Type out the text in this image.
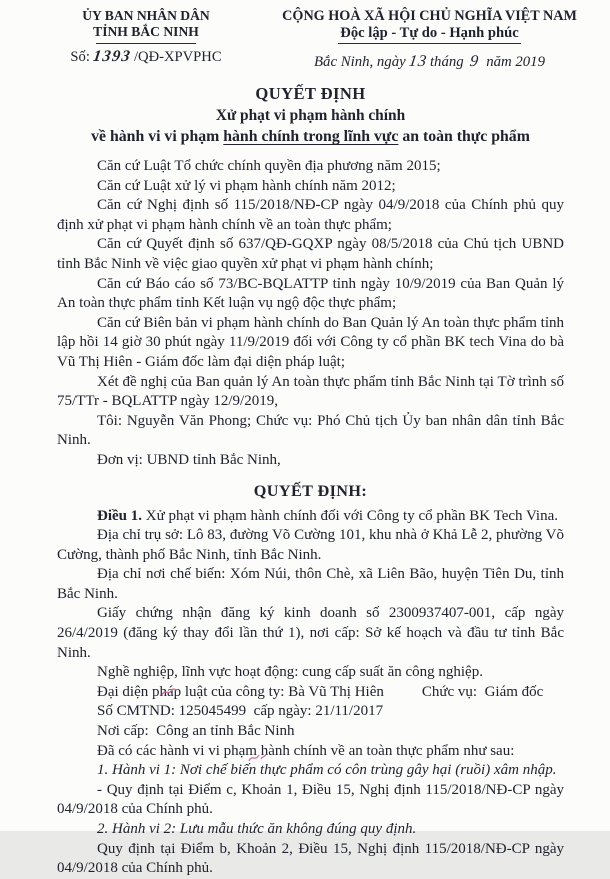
ỦY BAN NHÂN DÂN
TỈNH BẮC NINH
Số: 1393 /QĐ-XPVPHC
CỘNG HOÀ XÃ HỘI CHỦ NGHĨA VIỆT NAM
Độc lập - Tự do - Hạnh phúc
Bắc Ninh, ngày 13 tháng 9 năm 2019
QUYẾT ĐỊNH
Xử phạt vi phạm hành chính
về hành vi vi phạm hành chính trong lĩnh vực an toàn thực phẩm

Căn cứ Luật Tổ chức chính quyền địa phương năm 2015;

Căn cứ Luật xử lý vi phạm hành chính năm 2012;

Căn cứ Nghị định số 115/2018/NĐ-CP ngày 04/9/2018 của Chính phủ quy định xử phạt vi phạm hành chính về an toàn thực phẩm;

Căn cứ Quyết định số 637/QĐ-GQXP ngày 08/5/2018 của Chủ tịch UBND tỉnh Bắc Ninh về việc giao quyền xử phạt vi phạm hành chính;

Căn cứ Báo cáo số 73/BC-BQLATTP tỉnh ngày 10/9/2019 của Ban Quản lý An toàn thực phẩm tỉnh Kết luận vụ ngộ độc thực phẩm;

Căn cứ Biên bản vi phạm hành chính do Ban Quản lý An toàn thực phẩm tỉnh lập hồi 14 giờ 30 phút ngày 11/9/2019 đối với Công ty cổ phần BK tech Vina do bà Vũ Thị Hiên - Giám đốc làm đại diện pháp luật;

Xét đề nghị của Ban quản lý An toàn thực phẩm tỉnh Bắc Ninh tại Tờ trình số 75/TTr - BQLATTP ngày 12/9/2019,

Tôi: Nguyễn Văn Phong; Chức vụ: Phó Chủ tịch Ủy ban nhân dân tỉnh Bắc Ninh.

Đơn vị: UBND tỉnh Bắc Ninh,

QUYẾT ĐỊNH:

Điều 1. Xử phạt vi phạm hành chính đối với Công ty cổ phần BK Tech Vina.

Địa chỉ trụ sở: Lô 83, đường Võ Cường 101, khu nhà ở Khả Lễ 2, phường Võ Cường, thành phố Bắc Ninh, tỉnh Bắc Ninh.

Địa chỉ nơi chế biến: Xóm Núi, thôn Chè, xã Liên Bão, huyện Tiên Du, tỉnh Bắc Ninh.

Giấy chứng nhận đăng ký kinh doanh số 2300937407-001, cấp ngày 26/4/2019 (đăng ký thay đổi lần thứ 1), nơi cấp: Sở kế hoạch và đầu tư tỉnh Bắc Ninh.

Nghề nghiệp, lĩnh vực hoạt động: cung cấp suất ăn công nghiệp.

Đại diện pháp luật của công ty: Bà Vũ Thị Hiên	Chức vụ:  Giám đốc

Số CMTND: 125045499  cấp ngày: 21/11/2017

Nơi cấp:  Công an tỉnh Bắc Ninh

Đã có các hành vi vi phạm hành chính về an toàn thực phẩm như sau:

1. Hành vi 1: Nơi chế biến thực phẩm có côn trùng gây hại (ruồi) xâm nhập.

- Quy định tại Điểm c, Khoản 1, Điều 15, Nghị định 115/2018/NĐ-CP ngày 04/9/2018 của Chính phủ.

2. Hành vi 2: Lưu mẫu thức ăn không đúng quy định.

Quy định tại Điểm b, Khoản 2, Điều 15, Nghị định 115/2018/NĐ-CP ngày 04/9/2018 của Chính phủ.
